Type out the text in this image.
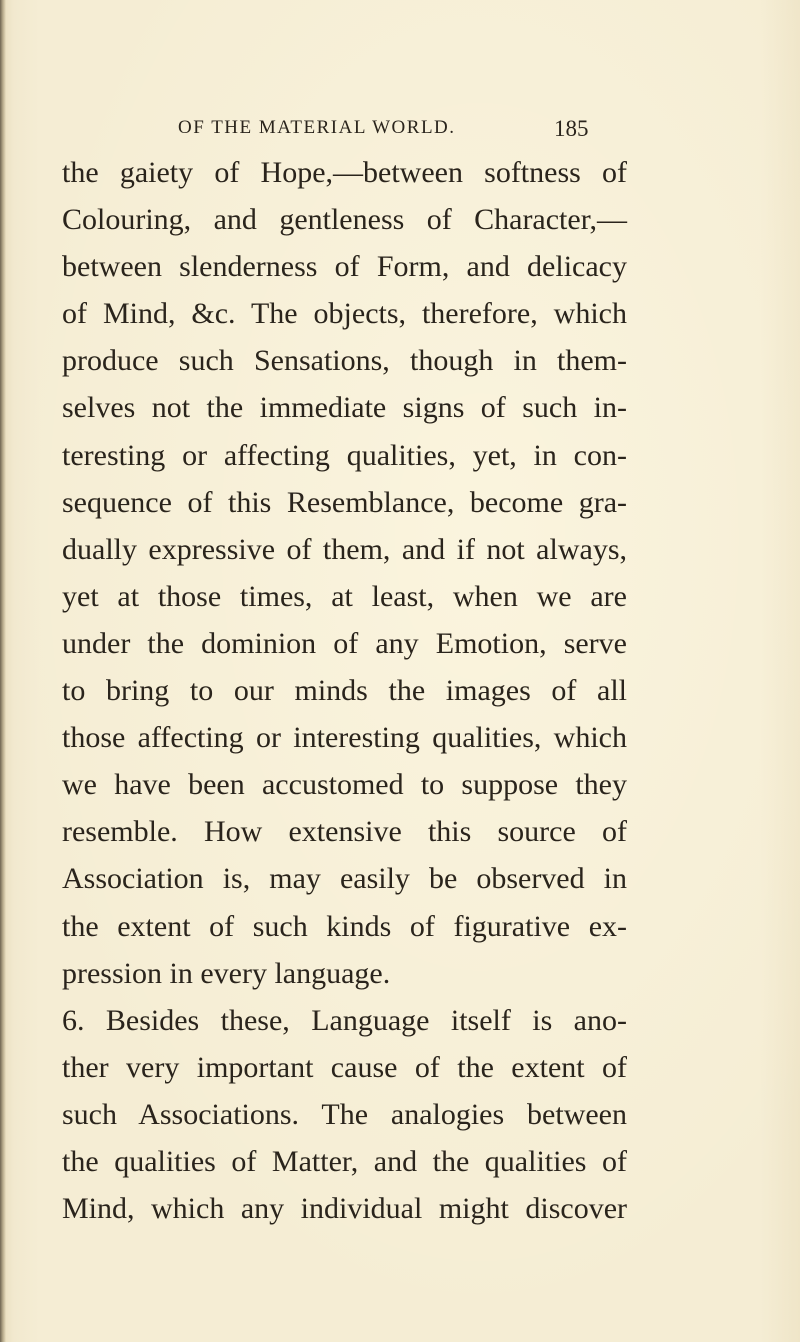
OF THE MATERIAL WORLD.	185
the gaiety of Hope,—between softness of
Colouring, and gentleness of Character,—
between slenderness of Form, and delicacy
of Mind, &c. The objects, therefore, which
produce such Sensations, though in them-
selves not the immediate signs of such in-
teresting or affecting qualities, yet, in con-
sequence of this Resemblance, become gra-
dually expressive of them, and if not always,
yet at those times, at least, when we are
under the dominion of any Emotion, serve
to bring to our minds the images of all
those affecting or interesting qualities, which
we have been accustomed to suppose they
resemble. How extensive this source of
Association is, may easily be observed in
the extent of such kinds of figurative ex-
pression in every language.
6. Besides these, Language itself is ano-
ther very important cause of the extent of
such Associations. The analogies between
the qualities of Matter, and the qualities of
Mind, which any individual might discover
